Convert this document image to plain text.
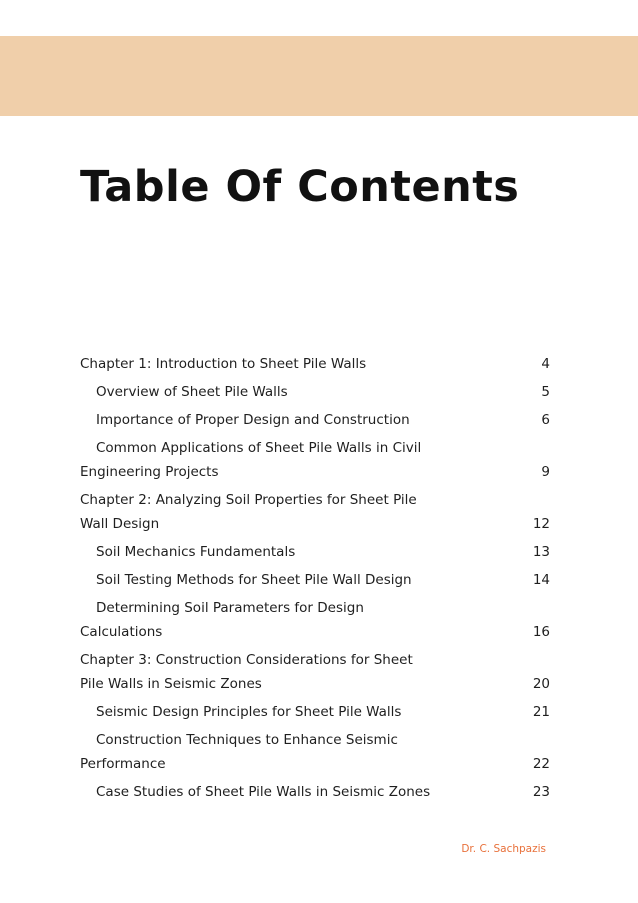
Table Of Contents
Chapter 1: Introduction to Sheet Pile Walls	4
Overview of Sheet Pile Walls	5
Importance of Proper Design and Construction	6
Common Applications of Sheet Pile Walls in Civil Engineering Projects	9
Chapter 2: Analyzing Soil Properties for Sheet Pile Wall Design	12
Soil Mechanics Fundamentals	13
Soil Testing Methods for Sheet Pile Wall Design	14
Determining Soil Parameters for Design Calculations	16
Chapter 3: Construction Considerations for Sheet Pile Walls in Seismic Zones	20
Seismic Design Principles for Sheet Pile Walls	21
Construction Techniques to Enhance Seismic Performance	22
Case Studies of Sheet Pile Walls in Seismic Zones	23
Dr. C. Sachpazis
